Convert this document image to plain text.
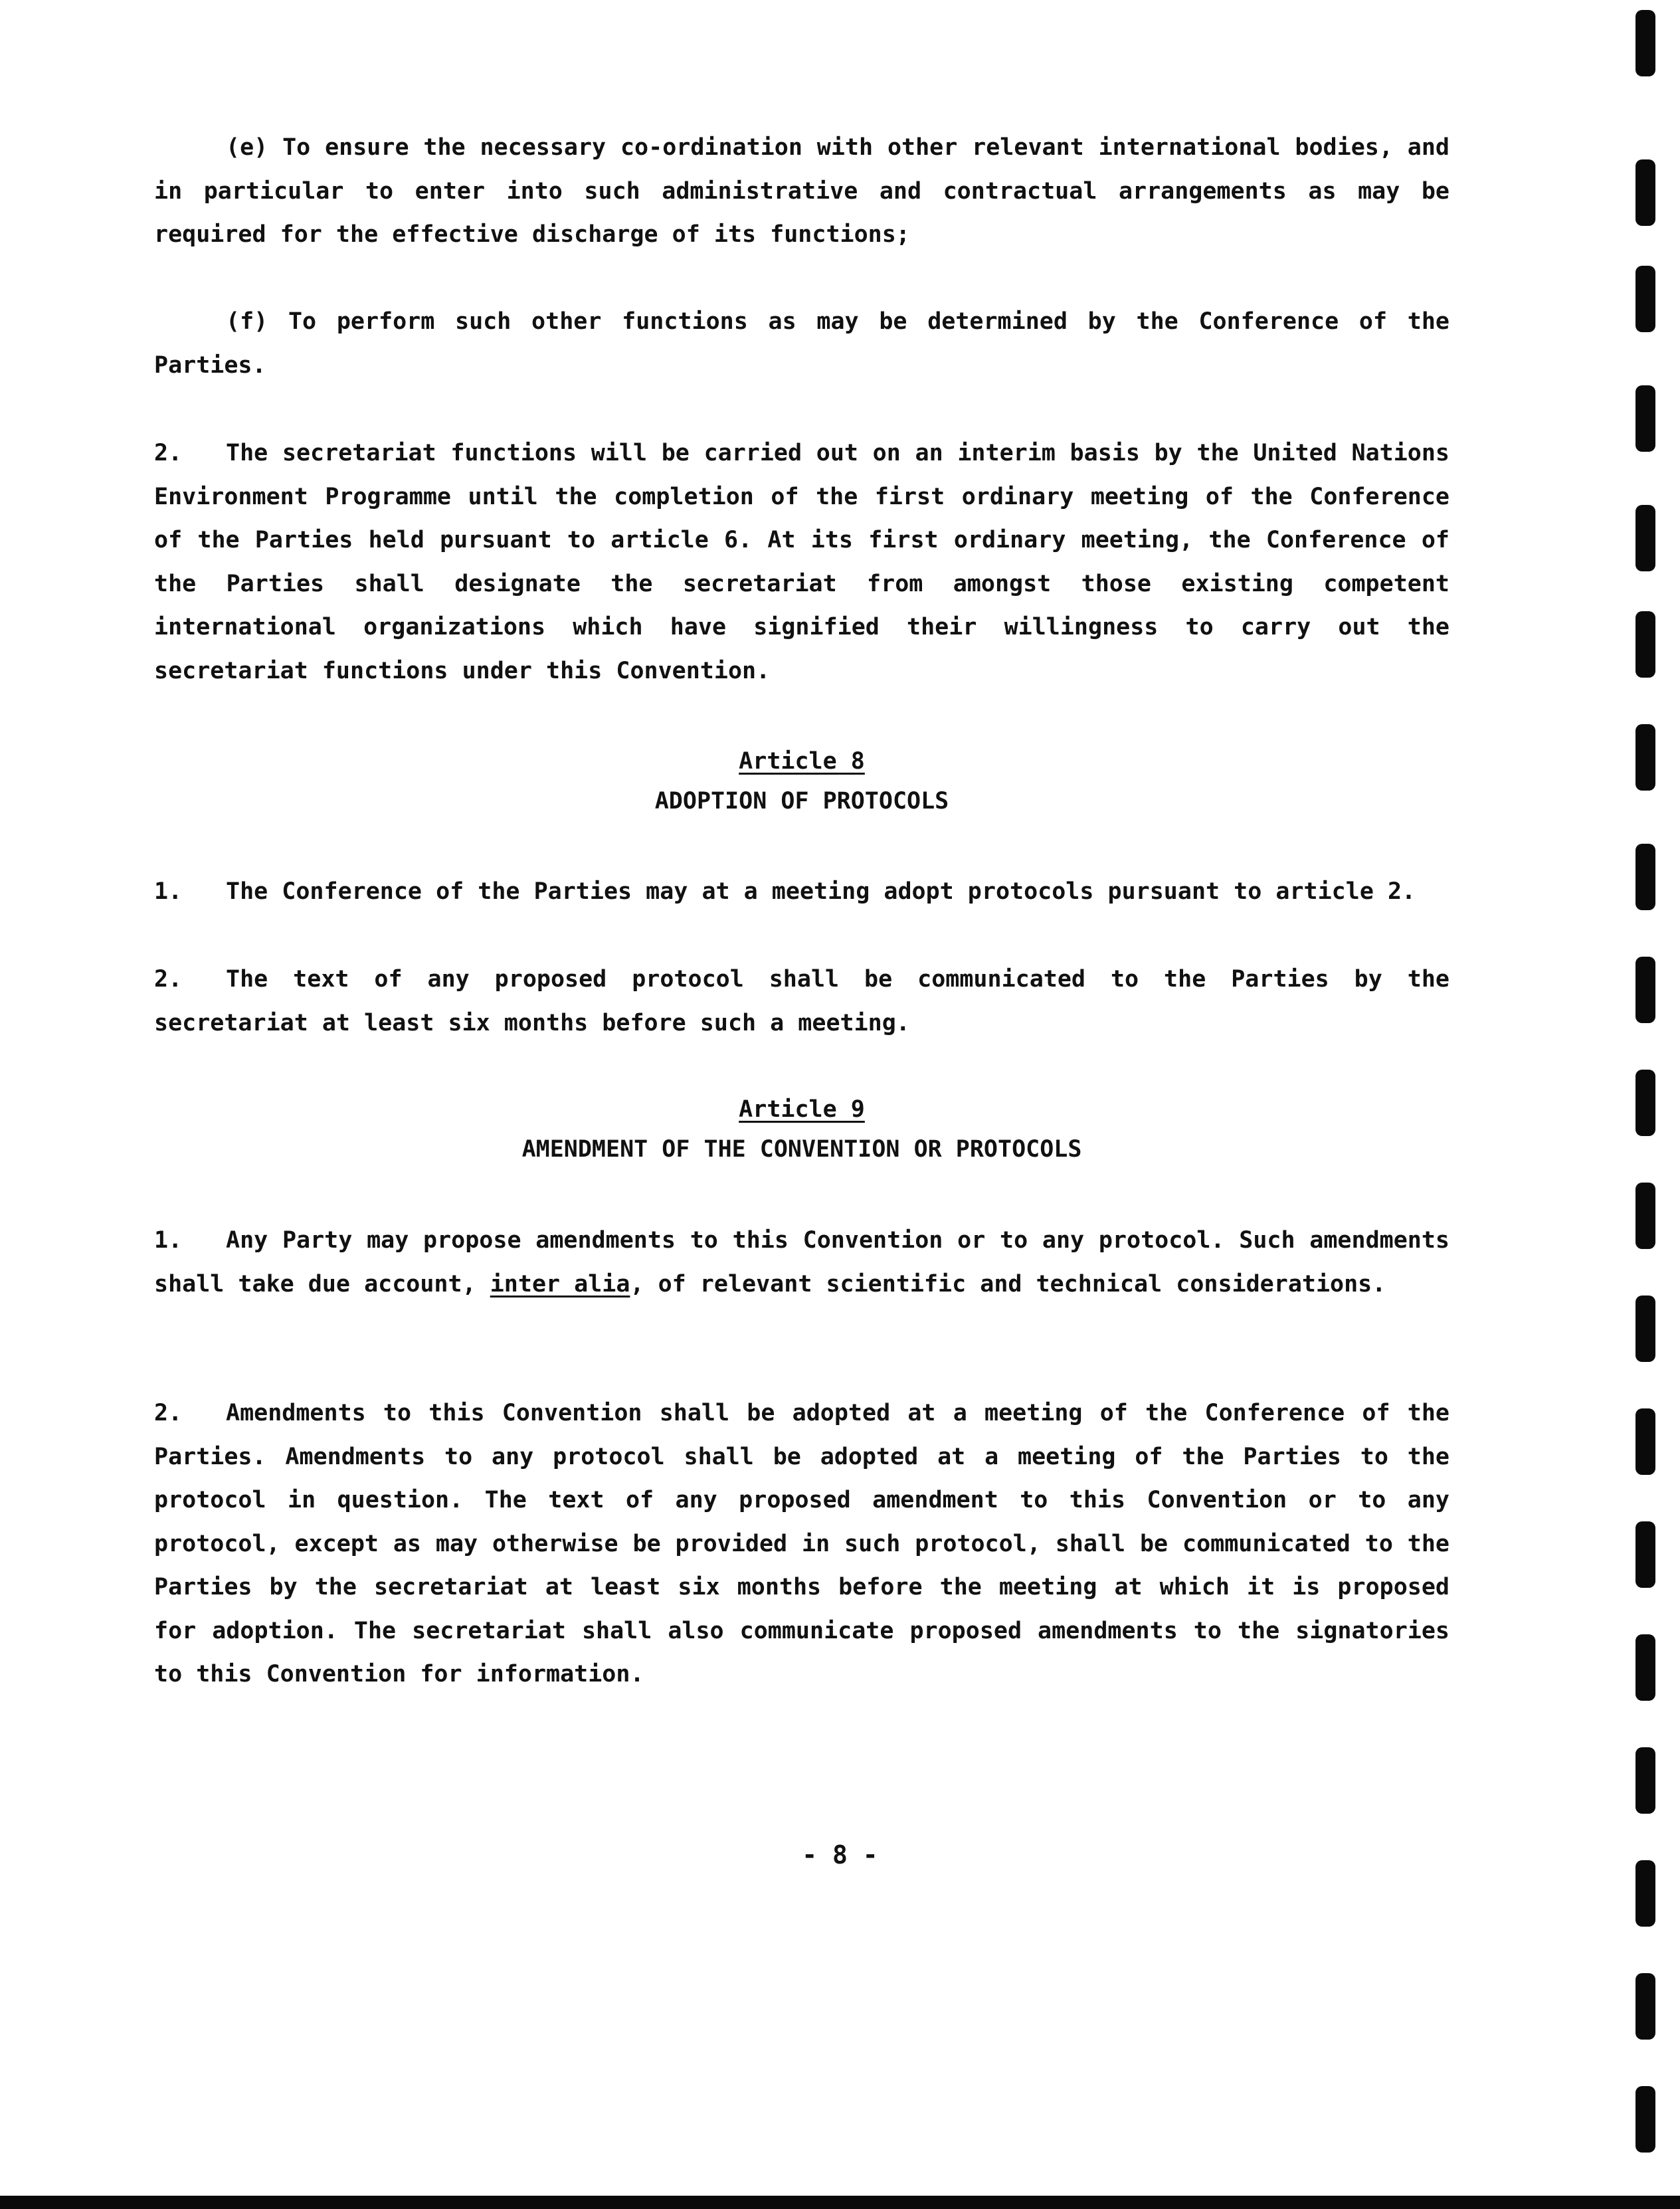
(e) To ensure the necessary co-ordination with other relevant international bodies, and in particular to enter into such administrative and contractual arrangements as may be required for the effective discharge of its functions;

(f) To perform such other functions as may be determined by the Conference of the Parties.

2. The secretariat functions will be carried out on an interim basis by the United Nations Environment Programme until the completion of the first ordinary meeting of the Conference of the Parties held pursuant to article 6. At its first ordinary meeting, the Conference of the Parties shall designate the secretariat from amongst those existing competent international organizations which have signified their willingness to carry out the secretariat functions under this Convention.

Article 8
ADOPTION OF PROTOCOLS

1. The Conference of the Parties may at a meeting adopt protocols pursuant to article 2.

2. The text of any proposed protocol shall be communicated to the Parties by the secretariat at least six months before such a meeting.

Article 9
AMENDMENT OF THE CONVENTION OR PROTOCOLS

1. Any Party may propose amendments to this Convention or to any protocol. Such amendments shall take due account, inter alia, of relevant scientific and technical considerations.

2. Amendments to this Convention shall be adopted at a meeting of the Conference of the Parties. Amendments to any protocol shall be adopted at a meeting of the Parties to the protocol in question. The text of any proposed amendment to this Convention or to any protocol, except as may otherwise be provided in such protocol, shall be communicated to the Parties by the secretariat at least six months before the meeting at which it is proposed for adoption. The secretariat shall also communicate proposed amendments to the signatories to this Convention for information.

- 8 -
